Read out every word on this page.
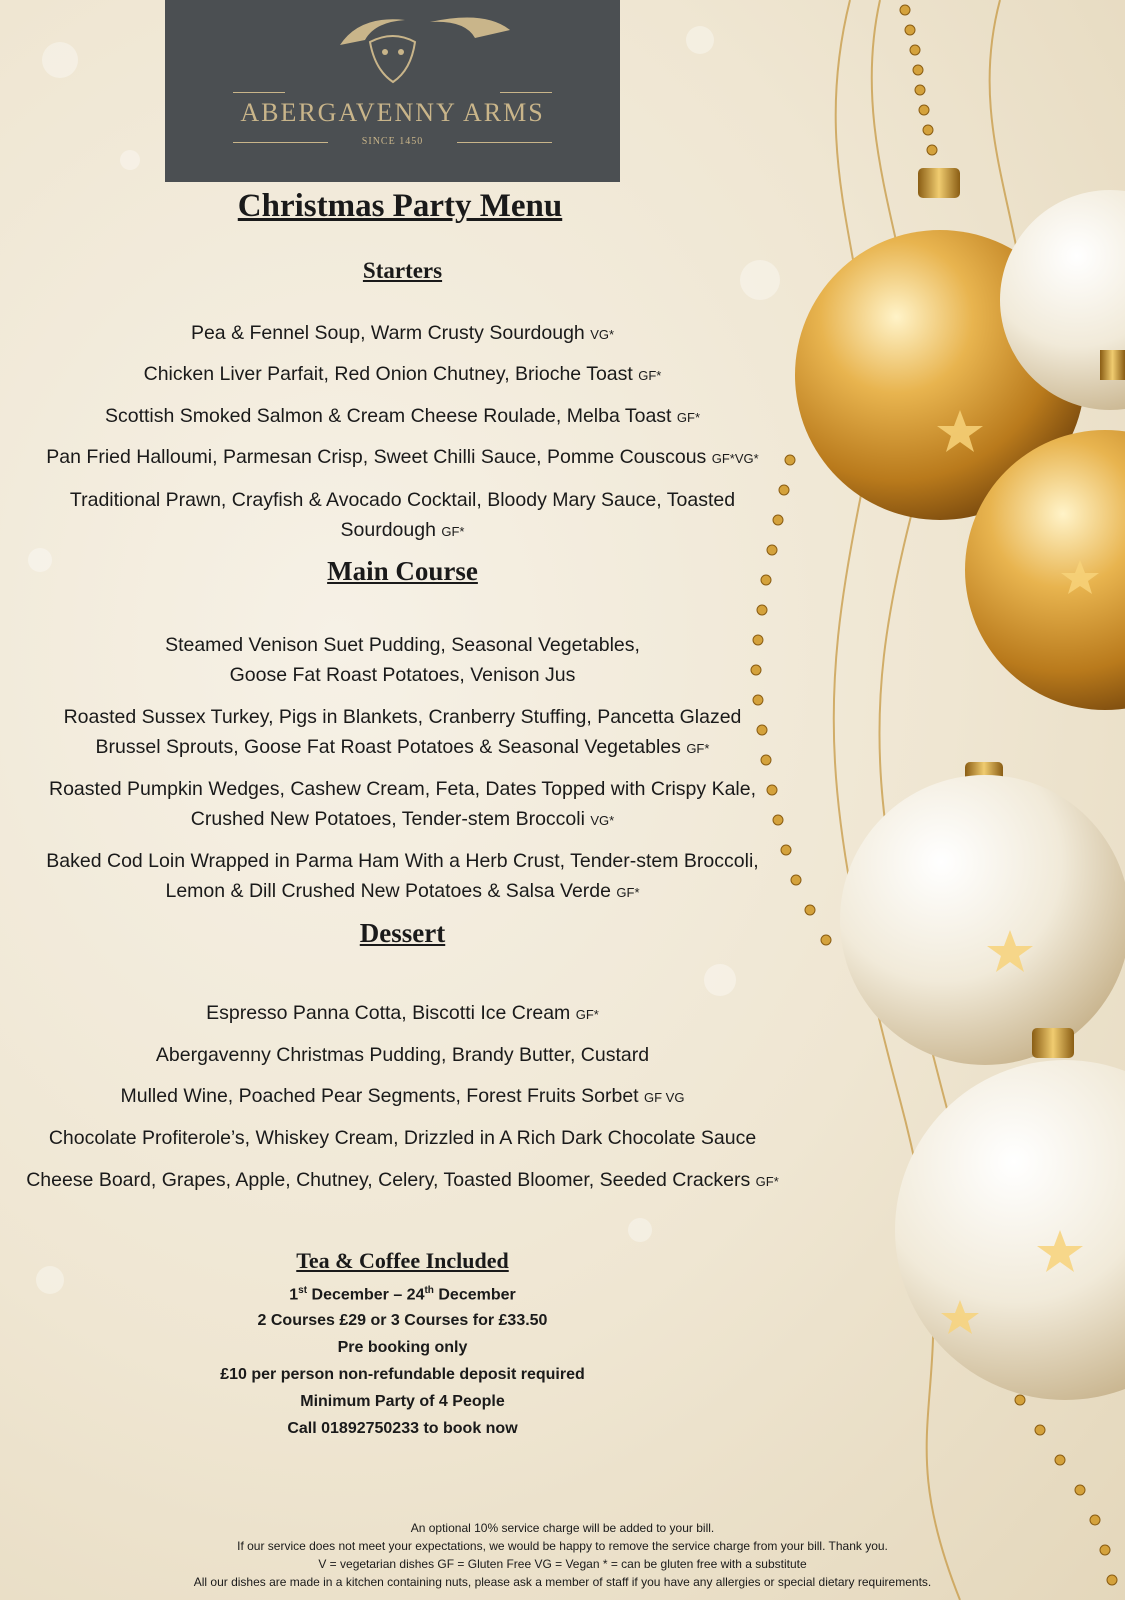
ABERGAVENNY ARMS
SINCE 1450
Christmas Party Menu
Starters
Pea & Fennel Soup, Warm Crusty Sourdough VG*
Chicken Liver Parfait, Red Onion Chutney, Brioche Toast GF*
Scottish Smoked Salmon & Cream Cheese Roulade, Melba Toast GF*
Pan Fried Halloumi, Parmesan Crisp, Sweet Chilli Sauce, Pomme Couscous GF*VG*
Traditional Prawn, Crayfish & Avocado Cocktail, Bloody Mary Sauce, Toasted
Sourdough GF*
Main Course
Steamed Venison Suet Pudding, Seasonal Vegetables,
Goose Fat Roast Potatoes, Venison Jus
Roasted Sussex Turkey, Pigs in Blankets, Cranberry Stuffing, Pancetta Glazed
Brussel Sprouts, Goose Fat Roast Potatoes & Seasonal Vegetables GF*
Roasted Pumpkin Wedges, Cashew Cream, Feta, Dates Topped with Crispy Kale,
Crushed New Potatoes, Tender-stem Broccoli VG*
Baked Cod Loin Wrapped in Parma Ham With a Herb Crust, Tender-stem Broccoli,
Lemon & Dill Crushed New Potatoes & Salsa Verde GF*
Dessert
Espresso Panna Cotta, Biscotti Ice Cream GF*
Abergavenny Christmas Pudding, Brandy Butter, Custard
Mulled Wine, Poached Pear Segments, Forest Fruits Sorbet GF VG
Chocolate Profiterole’s, Whiskey Cream, Drizzled in A Rich Dark Chocolate Sauce
Cheese Board, Grapes, Apple, Chutney, Celery, Toasted Bloomer, Seeded Crackers GF*
Tea & Coffee Included
1st December – 24th December
2 Courses £29 or 3 Courses for £33.50
Pre booking only
£10 per person non-refundable deposit required
Minimum Party of 4 People
Call 01892750233 to book now
An optional 10% service charge will be added to your bill.
If our service does not meet your expectations, we would be happy to remove the service charge from your bill. Thank you.
V = vegetarian dishes GF = Gluten Free VG = Vegan * = can be gluten free with a substitute
All our dishes are made in a kitchen containing nuts, please ask a member of staff if you have any allergies or special dietary requirements.
